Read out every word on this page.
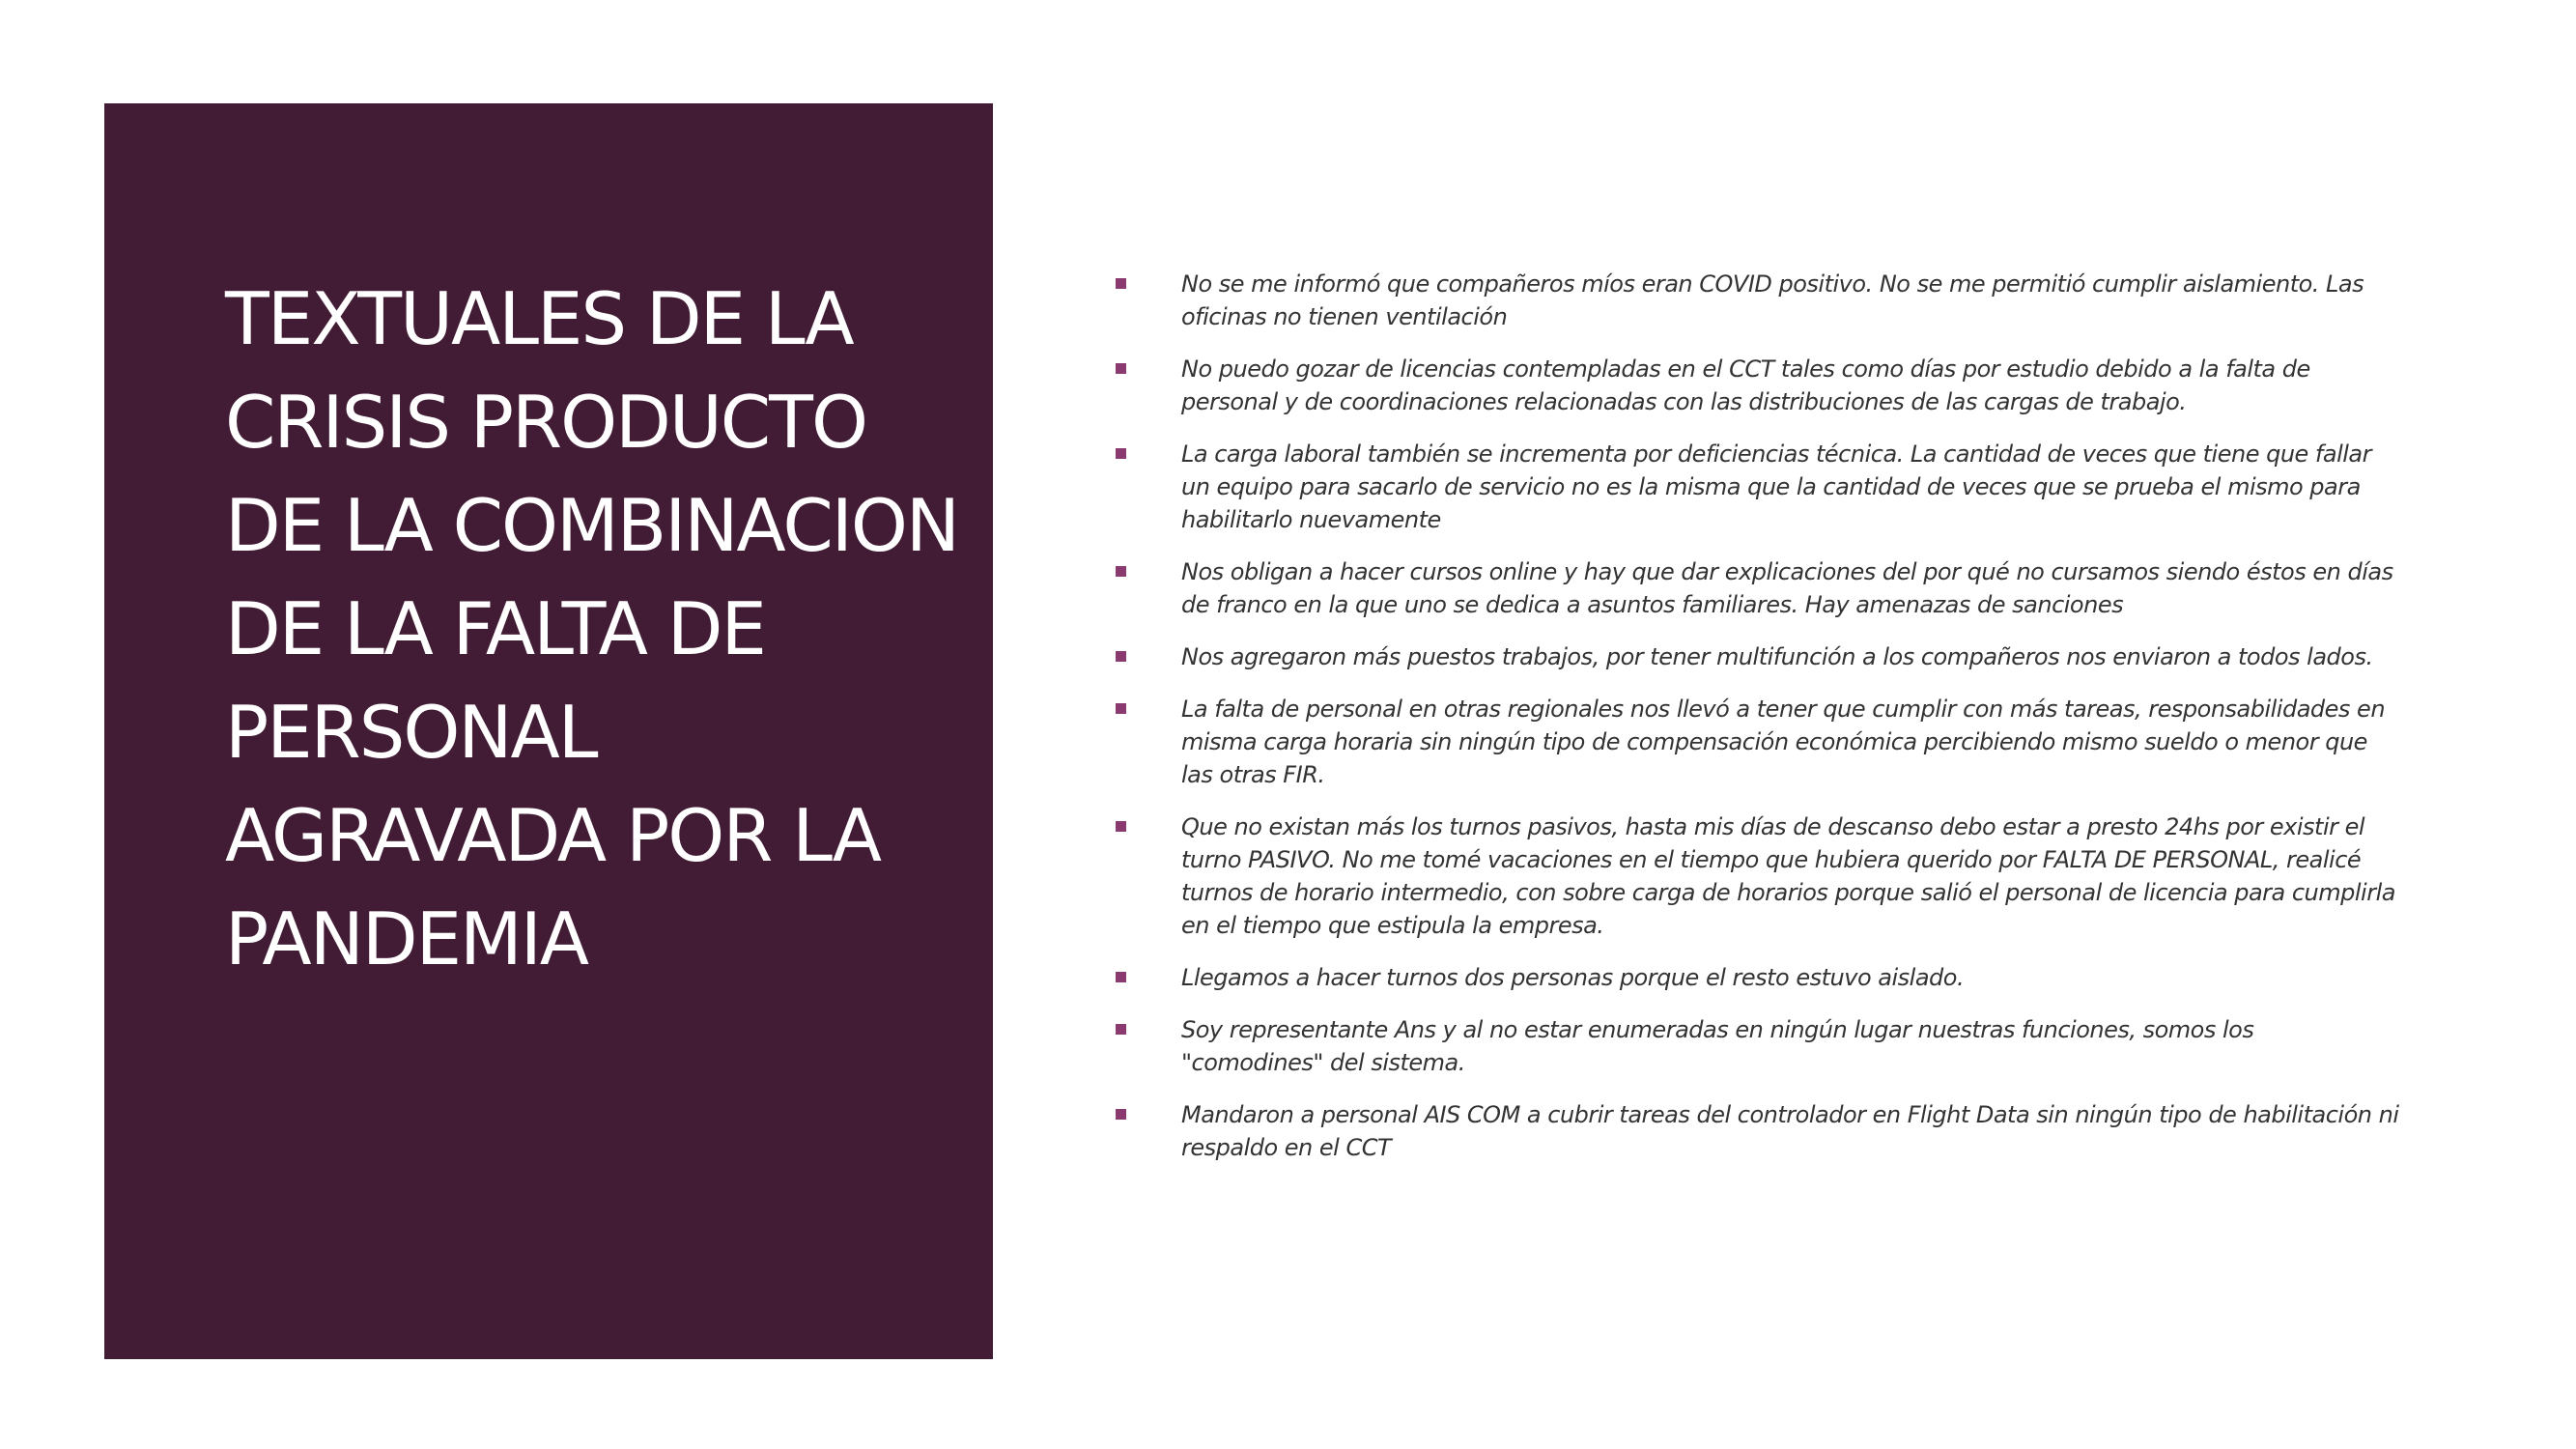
TEXTUALES DE LA CRISIS PRODUCTO DE LA COMBINACION DE LA FALTA DE PERSONAL AGRAVADA POR LA PANDEMIA
No se me informó que compañeros míos eran COVID positivo. No se me permitió cumplir aislamiento. Las oficinas no tienen ventilación
No puedo gozar de licencias contempladas en el CCT tales como días por estudio debido a la falta de personal y de coordinaciones relacionadas con las distribuciones de las cargas de trabajo.
La carga laboral también se incrementa por deficiencias técnica. La cantidad de veces que tiene que fallar un equipo para sacarlo de servicio no es la misma que la cantidad de veces que se prueba el mismo para habilitarlo nuevamente
Nos obligan a hacer cursos online y hay que dar explicaciones del por qué no cursamos siendo éstos en días de franco en la que uno se dedica a asuntos familiares. Hay amenazas de sanciones
Nos agregaron más puestos trabajos, por tener multifunción a los compañeros nos enviaron a todos lados.
La falta de personal en otras regionales nos llevó a tener que cumplir con más tareas, responsabilidades en misma carga horaria sin ningún tipo de compensación económica percibiendo mismo sueldo o menor que las otras FIR.
Que no existan más los turnos pasivos, hasta mis días de descanso debo estar a presto 24hs por existir el turno PASIVO. No me tomé vacaciones en el tiempo que hubiera querido por FALTA DE PERSONAL, realicé turnos de horario intermedio, con sobre carga de horarios porque salió el personal de licencia para cumplirla en el tiempo que estipula la empresa.
Llegamos a hacer turnos dos personas porque el resto estuvo aislado.
Soy representante Ans y al no estar enumeradas en ningún lugar nuestras funciones, somos los "comodines" del sistema.
Mandaron a personal AIS COM a cubrir tareas del controlador en Flight Data sin ningún tipo de habilitación ni respaldo en el CCT
